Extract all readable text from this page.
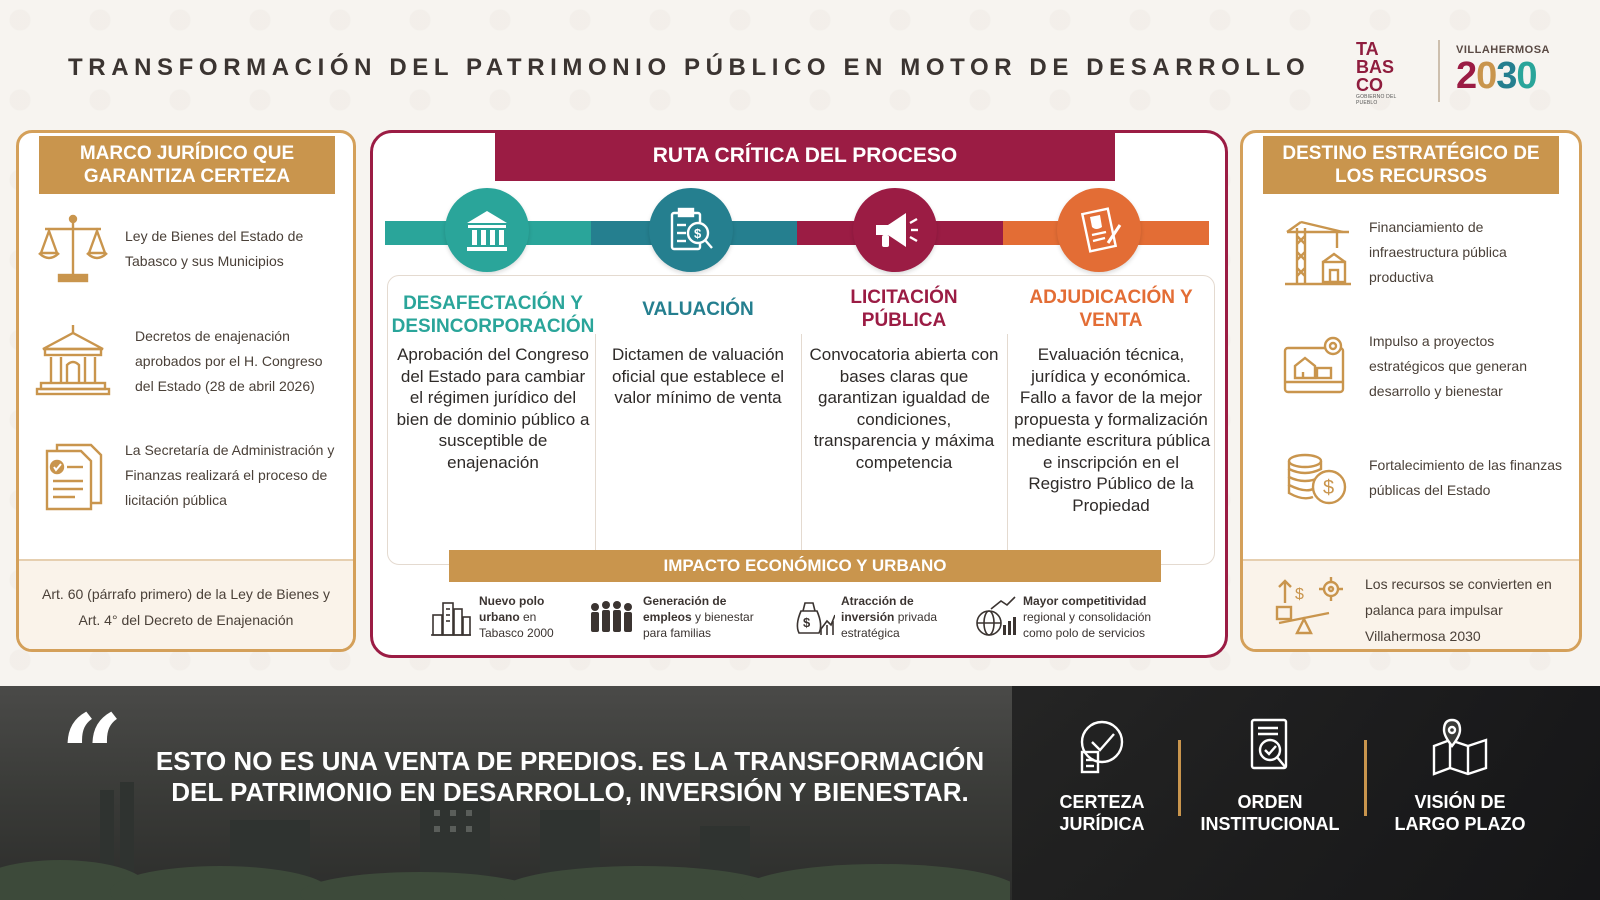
TRANSFORMACIÓN DEL PATRIMONIO PÚBLICO EN MOTOR DE DESARROLLO
TA
BAS
CO
GOBIERNO DEL PUEBLO
VILLAHERMOSA
2030
MARCO JURÍDICO QUE GARANTIZA CERTEZA
Ley de Bienes del Estado de Tabasco y sus Municipios
Decretos de enajenación aprobados por el H. Congreso del Estado (28 de abril 2026)
La Secretaría de Administración y Finanzas realizará el proceso de licitación pública
Art. 60 (párrafo primero) de la Ley de Bienes y Art. 4° del Decreto de Enajenación
RUTA CRÍTICA DEL PROCESO
$
DESAFECTACIÓN Y DESINCORPORACIÓN
Aprobación del Congreso del Estado para cambiar el régimen jurídico del bien de dominio público a susceptible de enajenación
VALUACIÓN
Dictamen de valuación oficial que establece el valor mínimo de venta
LICITACIÓN PÚBLICA
Convocatoria abierta con bases claras que garantizan igualdad de condiciones, transparencia y máxima competencia
ADJUDICACIÓN Y VENTA
Evaluación técnica, jurídica y económica. Fallo a favor de la mejor propuesta y formalización mediante escritura pública e inscripción en el Registro Público de la Propiedad
IMPACTO ECONÓMICO Y URBANO
Nuevo polo urbano en Tabasco 2000
Generación de empleos y bienestar para familias
$
Atracción de inversión privada estratégica
Mayor competitividad regional y consolidación como polo de servicios
DESTINO ESTRATÉGICO DE LOS RECURSOS
Financiamiento de infraestructura pública productiva
Impulso a proyectos estratégicos que generan desarrollo y bienestar
$
Fortalecimiento de las finanzas públicas del Estado
$
Los recursos se convierten en palanca para impulsar Villahermosa 2030
“ ESTO NO ES UNA VENTA DE PREDIOS. ES LA TRANSFORMACIÓN DEL PATRIMONIO EN DESARROLLO, INVERSIÓN Y BIENESTAR.	CERTEZA JURÍDICA
ORDEN INSTITUCIONAL
VISIÓN DE LARGO PLAZO
